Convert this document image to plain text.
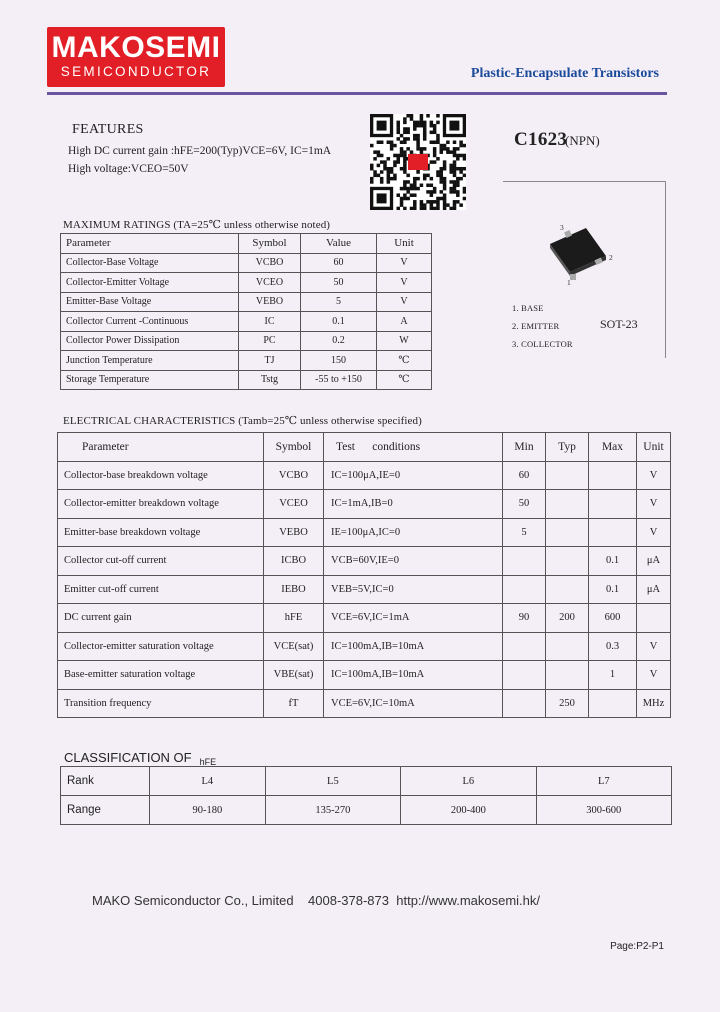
MAKOSEMI
SEMICONDUCTOR	Plastic-Encapsulate Transistors
FEATURES
High DC current gain :hFE=200(Typ)VCE=6V, IC=1mA
High voltage:VCEO=50V
C1623
(NPN)
3
2
1
1. BASE
2. EMITTER
3. COLLECTOR
SOT-23
MAXIMUM RATINGS (TA=25℃ unless otherwise noted)
Parameter	Symbol	Value	Unit
Collector-Base Voltage	VCBO	60	V
Collector-Emitter Voltage	VCEO	50	V
Emitter-Base Voltage	VEBO	5	V
Collector Current -Continuous	IC	0.1	A
Collector Power Dissipation	PC	0.2	W
Junction Temperature	TJ	150	℃
Storage Temperature	Tstg	-55 to +150	℃
ELECTRICAL CHARACTERISTICS (Tamb=25℃ unless otherwise specified)
Parameter	Symbol	Test      conditions	Min	Typ	Max	Unit
Collector-base breakdown voltage	VCBO	IC=100μA,IE=0	60			V
Collector-emitter breakdown voltage	VCEO	IC=1mA,IB=0	50			V
Emitter-base breakdown voltage	VEBO	IE=100μA,IC=0	5			V
Collector cut-off current	ICBO	VCB=60V,IE=0			0.1	μA
Emitter cut-off current	IEBO	VEB=5V,IC=0			0.1	μA
DC current gain	hFE	VCE=6V,IC=1mA	90	200	600	
Collector-emitter saturation voltage	VCE(sat)	IC=100mA,IB=10mA			0.3	V
Base-emitter saturation voltage	VBE(sat)	IC=100mA,IB=10mA			1	V
Transition frequency	fT	VCE=6V,IC=10mA		250		MHz
CLASSIFICATION OF $_{hFE}$
Rank	L4	L5	L6	L7
Range	90-180	135-270	200-400	300-600
MAKO Semiconductor Co., Limited 4008-378-873 http://www.makosemi.hk/
Page:P2-P1
